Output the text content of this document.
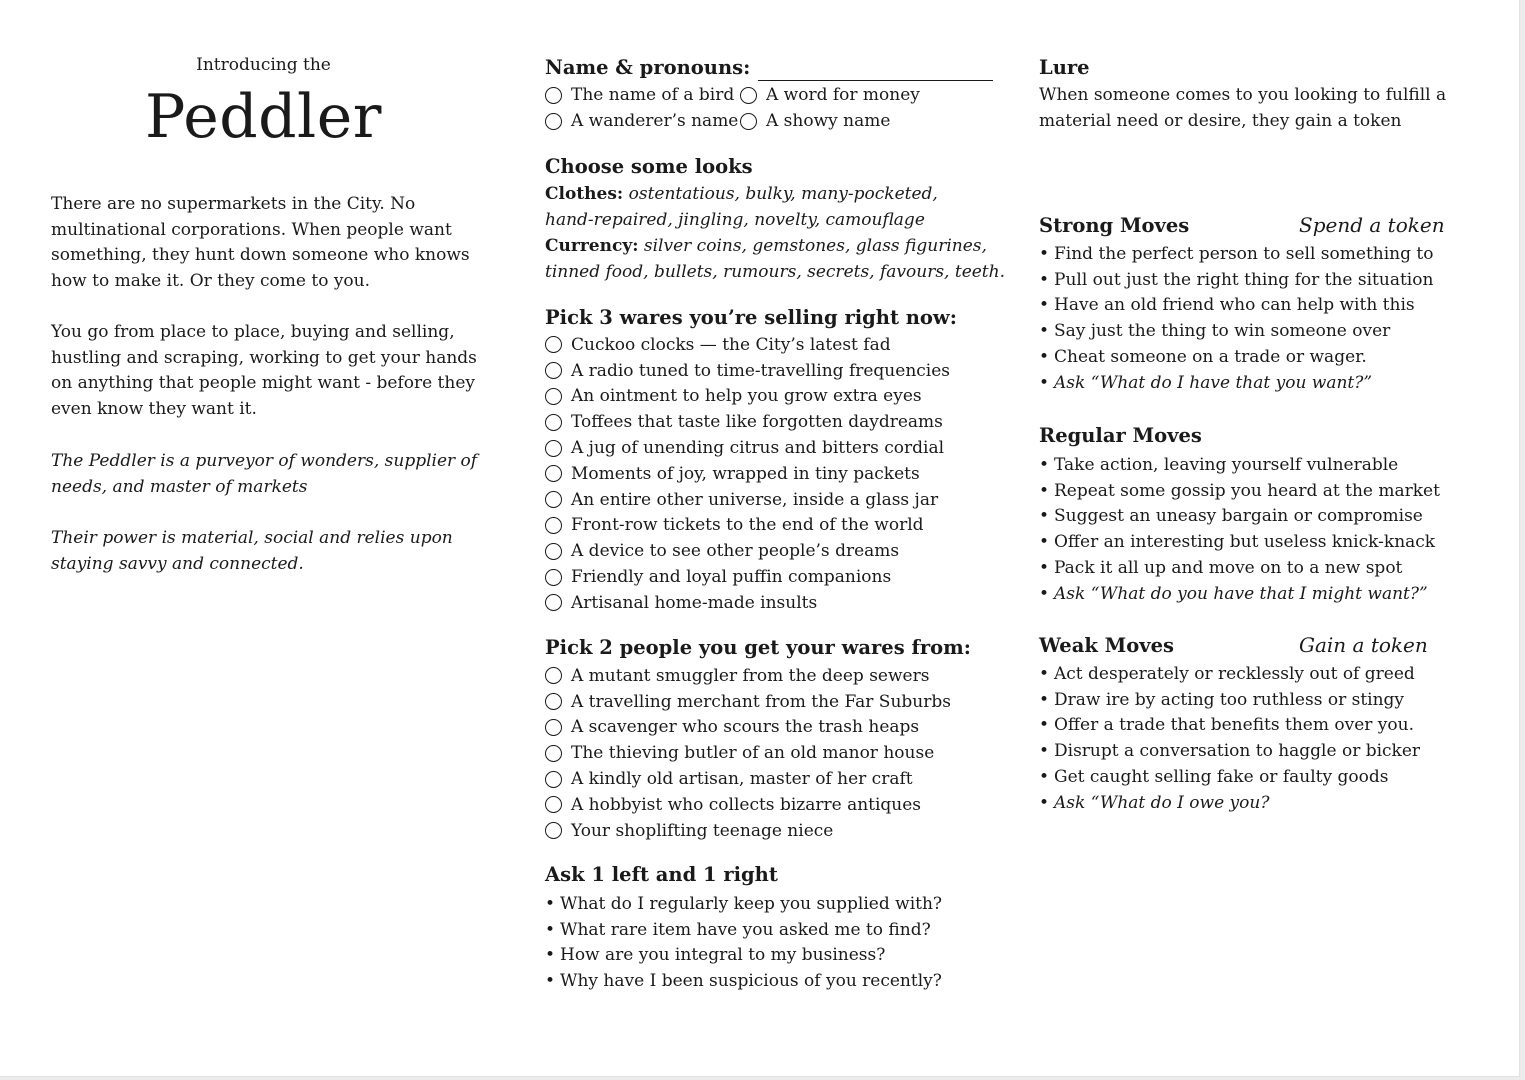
Introducing the
Peddler

There are no supermarkets in the City. No multinational corporations. When people want something, they hunt down someone who knows how to make it. Or they come to you.

You go from place to place, buying and selling, hustling and scraping, working to get your hands on anything that people might want - before they even know they want it.

The Peddler is a purveyor of wonders, supplier of needs, and master of markets

Their power is material, social and relies upon staying savvy and connected.

Name & pronouns:
The name of a bird A word for money
A wanderer’s name A showy name
Choose some looks
Clothes: ostentatious, bulky, many-pocketed,
hand-repaired, jingling, novelty, camouflage
Currency: silver coins, gemstones, glass figurines,
tinned food, bullets, rumours, secrets, favours, teeth.
Pick 3 wares you’re selling right now:
Cuckoo clocks — the City’s latest fad
A radio tuned to time-travelling frequencies
An ointment to help you grow extra eyes
Toffees that taste like forgotten daydreams
A jug of unending citrus and bitters cordial
Moments of joy, wrapped in tiny packets
An entire other universe, inside a glass jar
Front-row tickets to the end of the world
A device to see other people’s dreams
Friendly and loyal puffin companions
Artisanal home-made insults
Pick 2 people you get your wares from:
A mutant smuggler from the deep sewers
A travelling merchant from the Far Suburbs
A scavenger who scours the trash heaps
The thieving butler of an old manor house
A kindly old artisan, master of her craft
A hobbyist who collects bizarre antiques
Your shoplifting teenage niece
Ask 1 left and 1 right
• What do I regularly keep you supplied with?
• What rare item have you asked me to find?
• How are you integral to my business?
• Why have I been suspicious of you recently?
Lure
When someone comes to you looking to fulfill a
material need or desire, they gain a token
Strong Moves	Spend a token
• Find the perfect person to sell something to
• Pull out just the right thing for the situation
• Have an old friend who can help with this
• Say just the thing to win someone over
• Cheat someone on a trade or wager.
• Ask “What do I have that you want?”
Regular Moves
• Take action, leaving yourself vulnerable
• Repeat some gossip you heard at the market
• Suggest an uneasy bargain or compromise
• Offer an interesting but useless knick-knack
• Pack it all up and move on to a new spot
• Ask “What do you have that I might want?”
Weak Moves	Gain a token
• Act desperately or recklessly out of greed
• Draw ire by acting too ruthless or stingy
• Offer a trade that benefits them over you.
• Disrupt a conversation to haggle or bicker
• Get caught selling fake or faulty goods
• Ask “What do I owe you?
